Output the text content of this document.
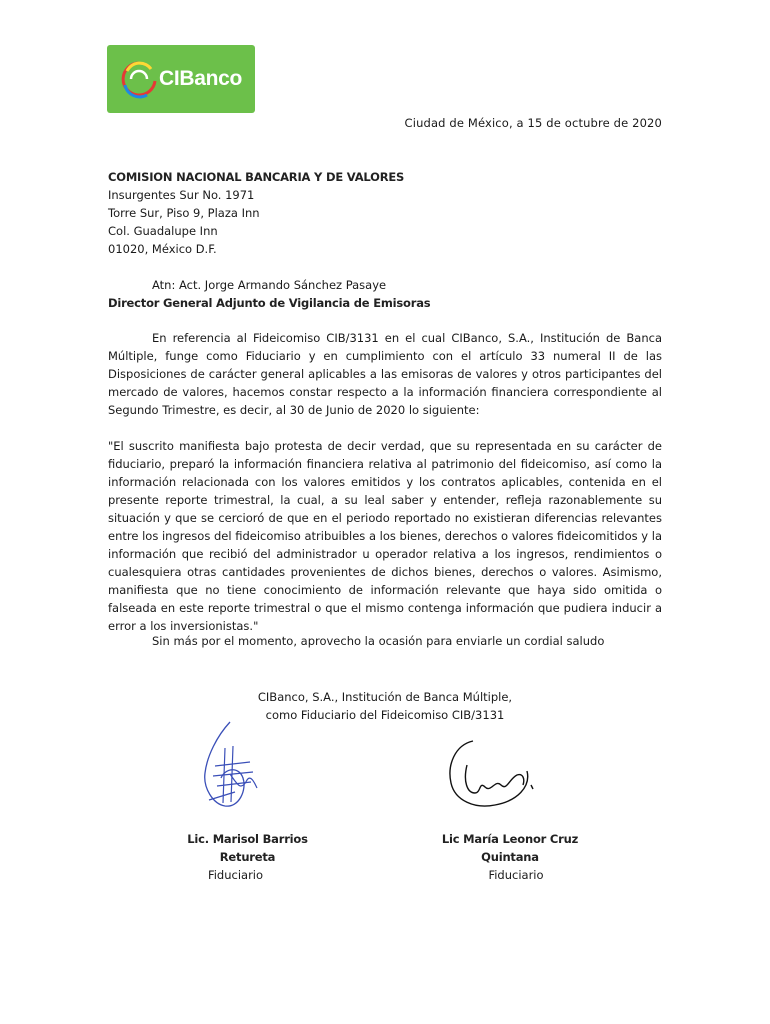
CIBanco
Ciudad de México, a 15 de octubre de 2020
COMISION NACIONAL BANCARIA Y DE VALORES
Insurgentes Sur No. 1971
Torre Sur, Piso 9, Plaza Inn
Col. Guadalupe Inn
01020, México D.F.
Atn: Act. Jorge Armando Sánchez Pasaye
Director General Adjunto de Vigilancia de Emisoras

En referencia al Fideicomiso CIB/3131 en el cual CIBanco, S.A., Institución de Banca Múltiple, funge como Fiduciario y en cumplimiento con el artículo 33 numeral II de las Disposiciones de carácter general aplicables a las emisoras de valores y otros participantes del mercado de valores, hacemos constar respecto a la información financiera correspondiente al Segundo Trimestre, es decir, al 30 de Junio de 2020 lo siguiente:

"El suscrito manifiesta bajo protesta de decir verdad, que su representada en su carácter de fiduciario, preparó la información financiera relativa al patrimonio del fideicomiso, así como la información relacionada con los valores emitidos y los contratos aplicables, contenida en el presente reporte trimestral, la cual, a su leal saber y entender, refleja razonablemente su situación y que se cercioró de que en el periodo reportado no existieran diferencias relevantes entre los ingresos del fideicomiso atribuibles a los bienes, derechos o valores fideicomitidos y la información que recibió del administrador u operador relativa a los ingresos, rendimientos o cualesquiera otras cantidades provenientes de dichos bienes, derechos o valores. Asimismo, manifiesta que no tiene conocimiento de información relevante que haya sido omitida o falseada en este reporte trimestral o que el mismo contenga información que pudiera inducir a error a los inversionistas."

Sin más por el momento, aprovecho la ocasión para enviarle un cordial saludo

CIBanco, S.A., Institución de Banca Múltiple,
como Fiduciario del Fideicomiso CIB/3131
Lic. Marisol Barrios Retureta
Fiduciario
Lic María Leonor Cruz Quintana
Fiduciario
